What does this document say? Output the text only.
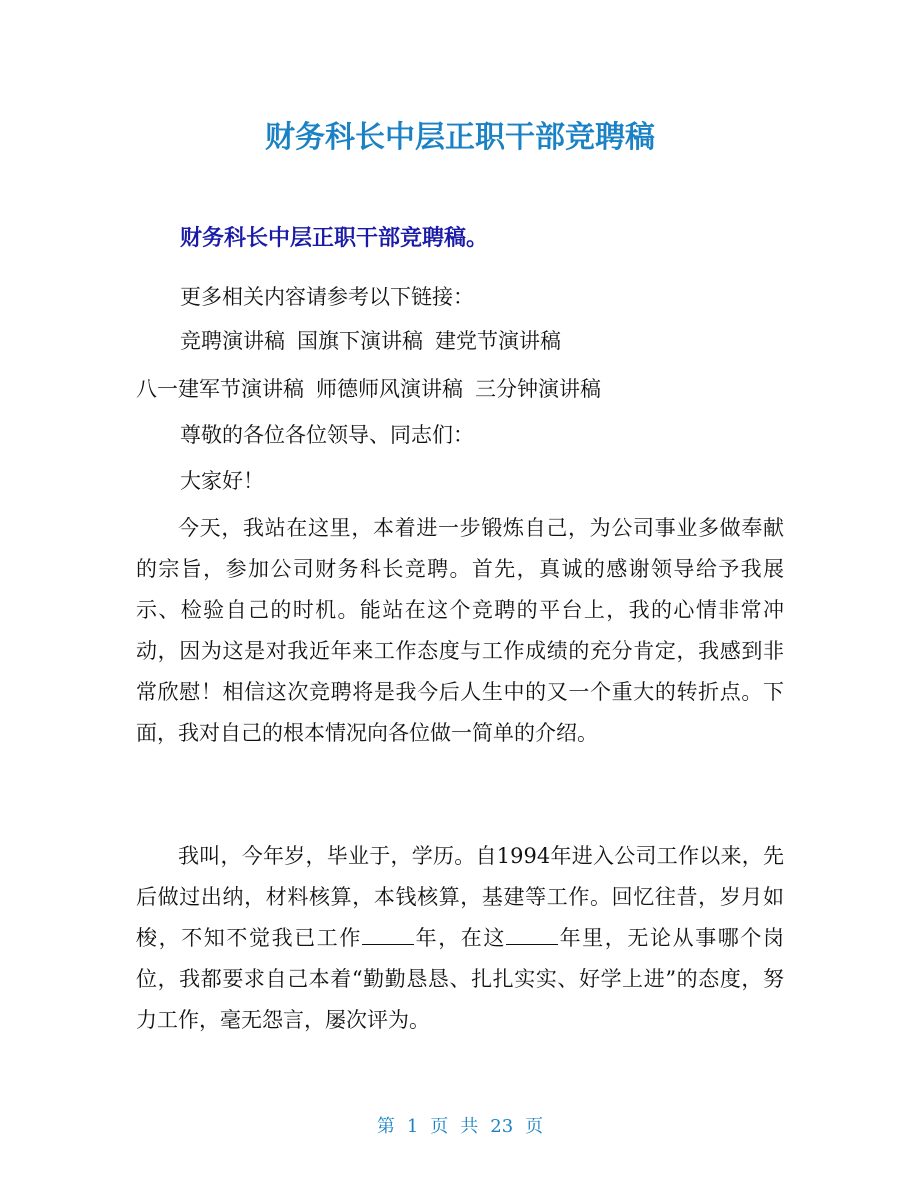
财务科长中层正职干部竞聘稿

财务科长中层正职干部竞聘稿。

更多相关内容请参考以下链接：

竞聘演讲稿 国旗下演讲稿 建党节演讲稿

八一建军节演讲稿 师德师风演讲稿 三分钟演讲稿

尊敬的各位各位领导、同志们：

大家好！

今天，我站在这里，本着进一步锻炼自己，为公司事业多做奉献的宗旨，参加公司财务科长竞聘。首先，真诚的感谢领导给予我展示、检验自己的时机。能站在这个竞聘的平台上，我的心情非常冲动，因为这是对我近年来工作态度与工作成绩的充分肯定，我感到非常欣慰！相信这次竞聘将是我今后人生中的又一个重大的转折点。下面，我对自己的根本情况向各位做一简单的介绍。

我叫，今年岁，毕业于，学历。自1994年进入公司工作以来，先后做过出纳，材料核算，本钱核算，基建等工作。回忆往昔，岁月如梭，不知不觉我已工作 年，在这 年里，无论从事哪个岗位，我都要求自己本着“勤勤恳恳、扎扎实实、好学上进”的态度，努力工作，毫无怨言，屡次评为。

第 1 页 共 23 页
